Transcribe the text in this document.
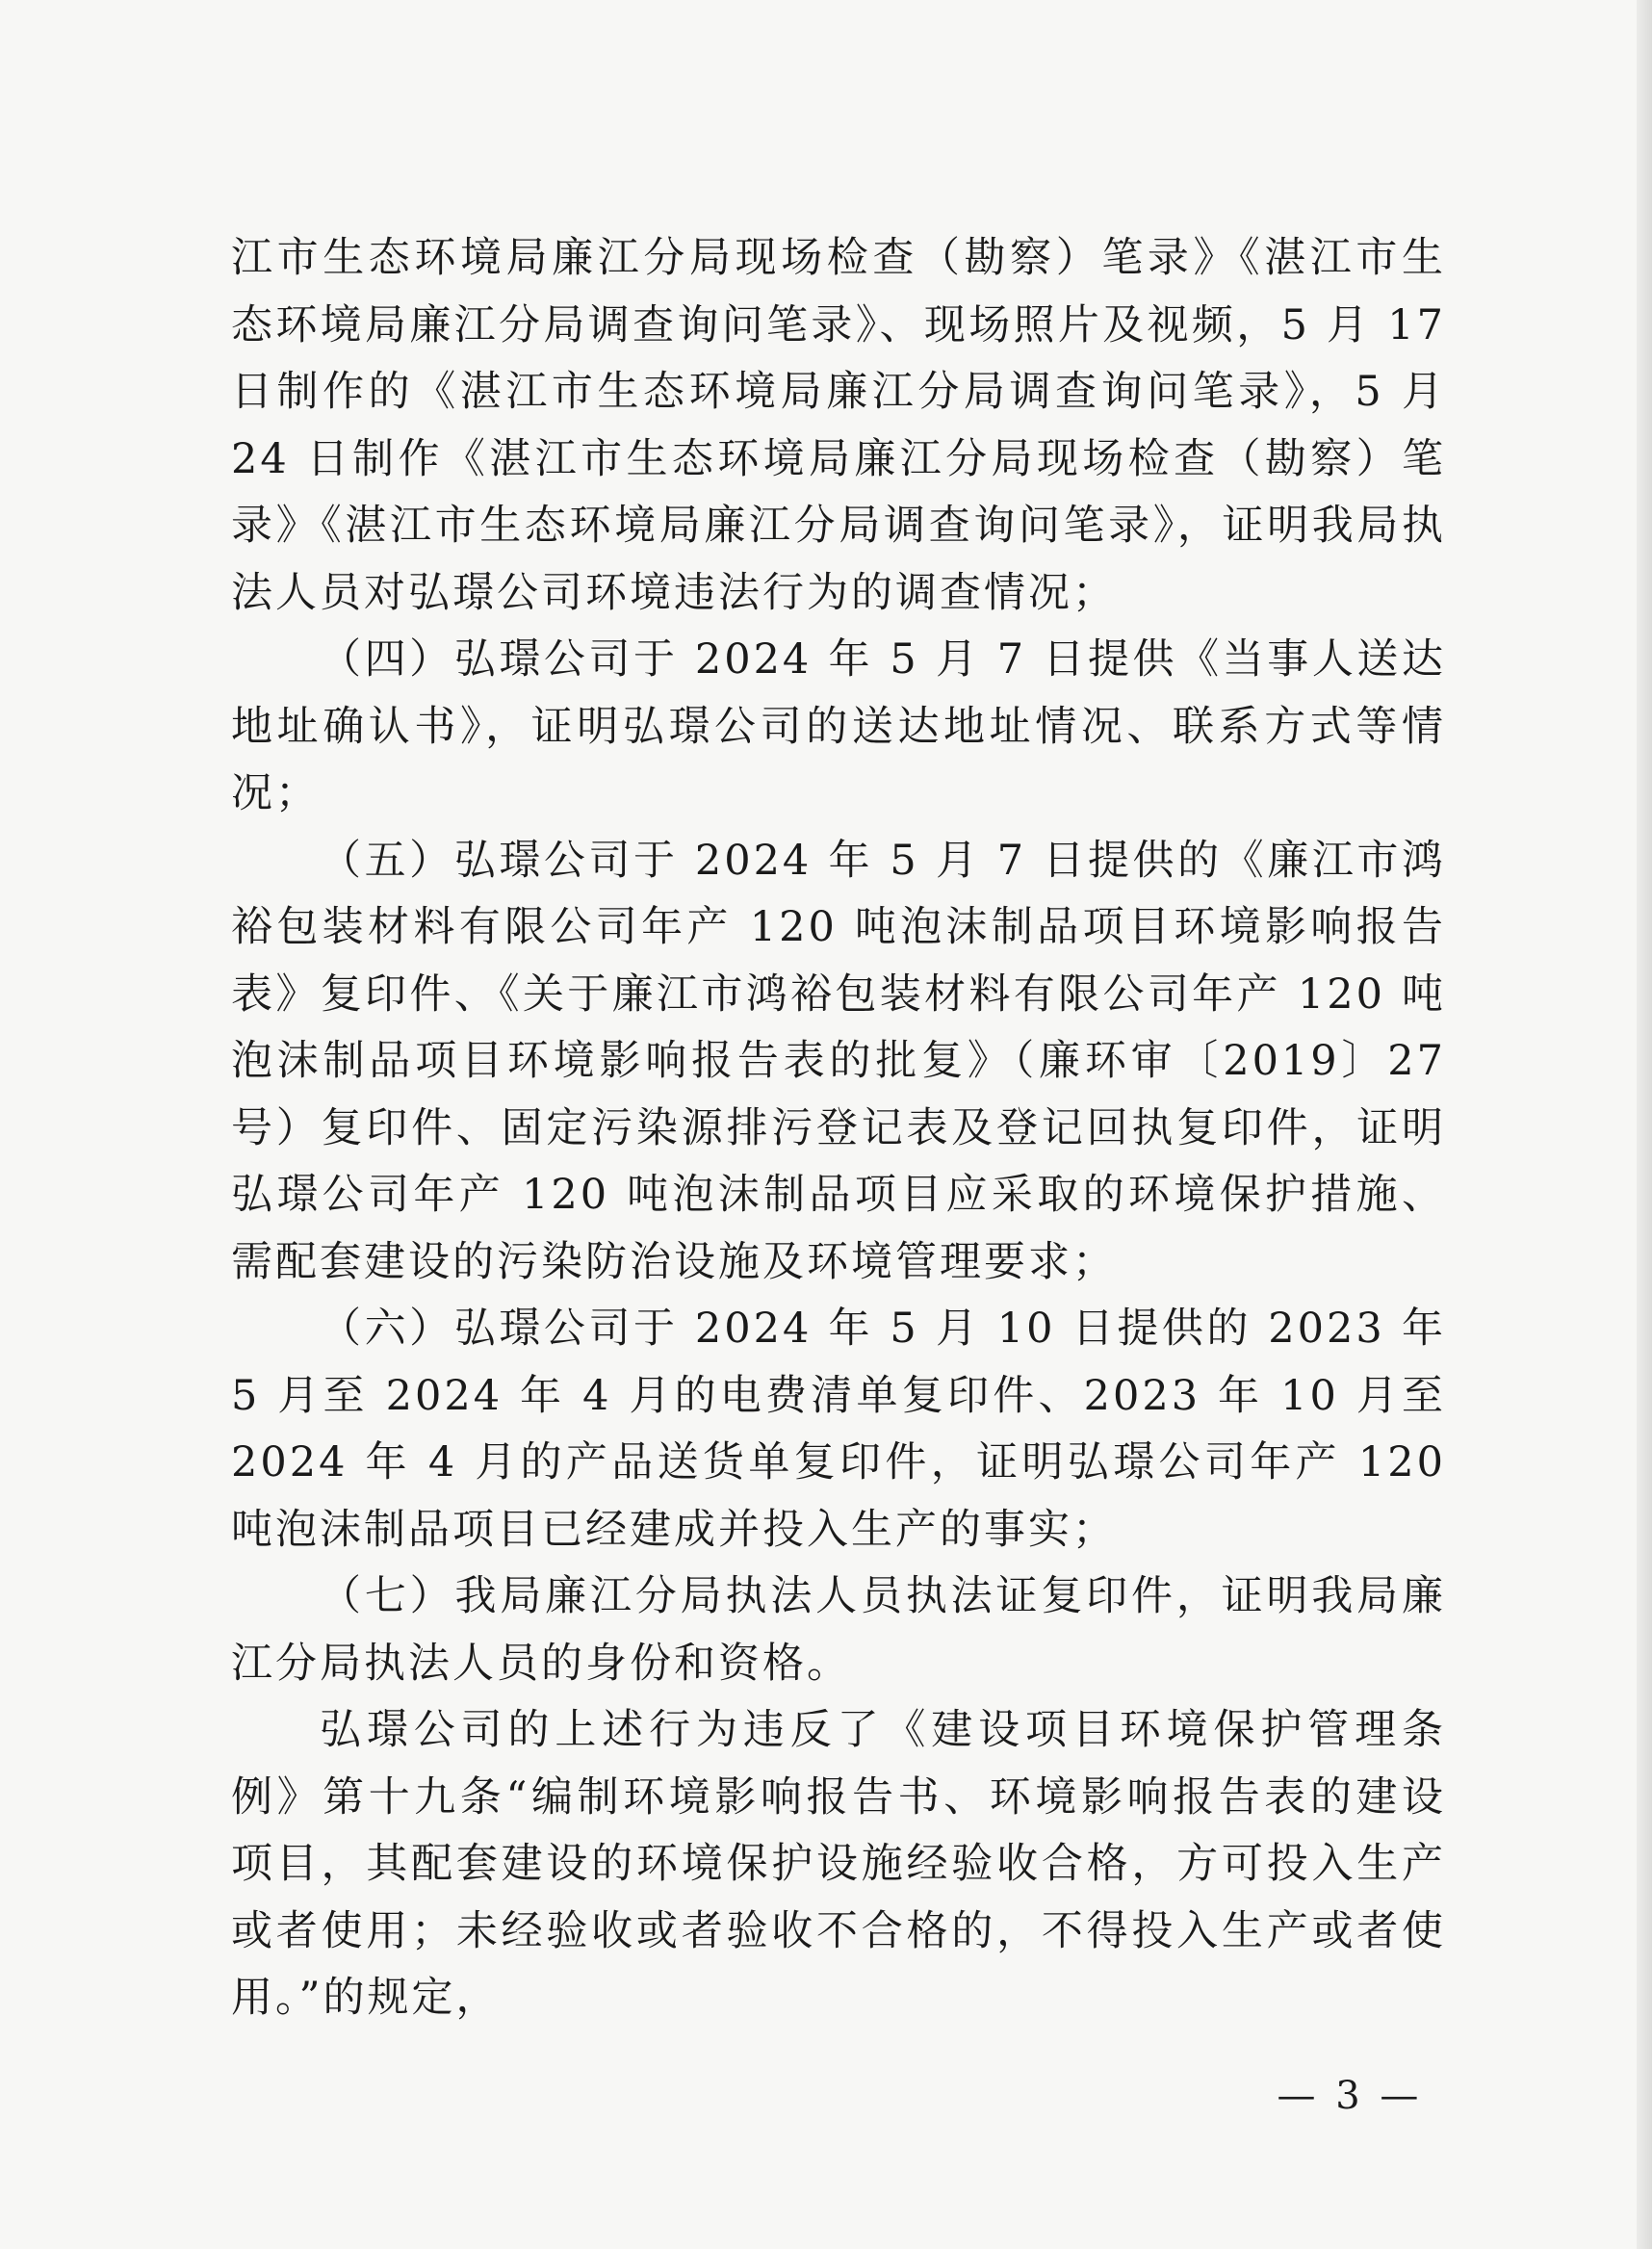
江市生态环境局廉江分局现场检查（勘察）笔录》《湛江市生态环境局廉江分局调查询问笔录》、现场照片及视频，5 月 17 日制作的《湛江市生态环境局廉江分局调查询问笔录》，5 月 24 日制作《湛江市生态环境局廉江分局现场检查（勘察）笔录》《湛江市生态环境局廉江分局调查询问笔录》，证明我局执法人员对弘璟公司环境违法行为的调查情况；

（四）弘璟公司于 2024 年 5 月 7 日提供《当事人送达地址确认书》，证明弘璟公司的送达地址情况、联系方式等情况；

（五）弘璟公司于 2024 年 5 月 7 日提供的《廉江市鸿裕包装材料有限公司年产 120 吨泡沫制品项目环境影响报告表》复印件、《关于廉江市鸿裕包装材料有限公司年产 120 吨泡沫制品项目环境影响报告表的批复》（廉环审〔2019〕27 号）复印件、固定污染源排污登记表及登记回执复印件，证明弘璟公司年产 120 吨泡沫制品项目应采取的环境保护措施、需配套建设的污染防治设施及环境管理要求；

（六）弘璟公司于 2024 年 5 月 10 日提供的 2023 年 5 月至 2024 年 4 月的电费清单复印件、2023 年 10 月至 2024 年 4 月的产品送货单复印件，证明弘璟公司年产 120 吨泡沫制品项目已经建成并投入生产的事实；

（七）我局廉江分局执法人员执法证复印件，证明我局廉江分局执法人员的身份和资格。

弘璟公司的上述行为违反了《建设项目环境保护管理条例》第十九条“编制环境影响报告书、环境影响报告表的建设项目，其配套建设的环境保护设施经验收合格，方可投入生产或者使用；未经验收或者验收不合格的，不得投入生产或者使用。”的规定，

— 3 —
